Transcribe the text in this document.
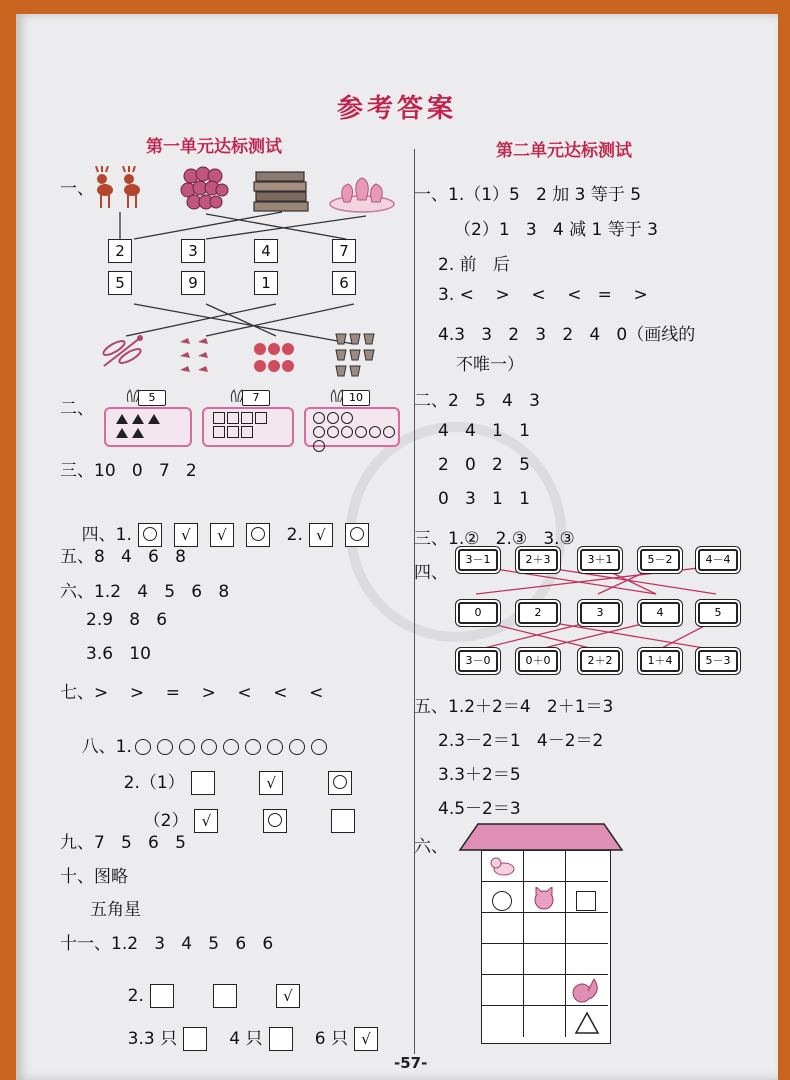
参考答案
第一单元达标测试
一、
2	3	4	7
5	9	1	6
二、
5	7	10

三、10   0   7   2

四、1.	√ √	2. √

五、8   4   6   8
六、1.2   4   5   6   8
2.9   8   6
3.6   10
七、>    >    =    >    <    <    <

八、1.

2.（1）	√

（2） √

九、7   5   6   5
十、图略
五角星
十一、1.2   3   4   5   6   6

2.	√

3.3 只	4 只	6 只 √

第二单元达标测试
一、1.（1）5   2 加 3 等于 5
（2）1   3   4 减 1 等于 3
2. 前   后
3. <    >    <    <   =    >
4.3   3   2   3   2   4   0（画线的
不唯一）
二、2   5   4   3
4   4   1   1
2   0   2   5
0   3   1   1
三、1.②   2.③   3.③
四、
3－1	2＋3	3＋1	5－2	4－4
0	2	3	4	5
3－0	0＋0	2＋2	1＋4	5－3
五、1.2＋2＝4   2＋1＝3
2.3－2＝1   4－2＝2
3.3＋2＝5
4.5－2＝3
六、
-57-
